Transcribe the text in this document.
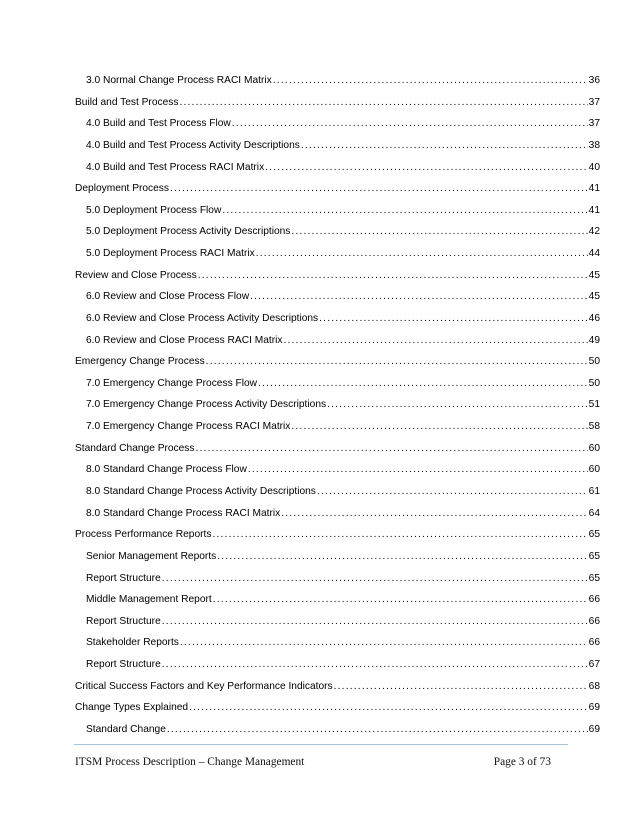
3.0 Normal Change Process RACI Matrix .....	36
Build and Test Process .....	37
4.0 Build and Test Process Flow .....	37
4.0 Build and Test Process Activity Descriptions .....	38
4.0 Build and Test Process RACI Matrix .....	40
Deployment Process .....	41
5.0 Deployment Process Flow .....	41
5.0 Deployment Process Activity Descriptions .....	42
5.0 Deployment Process RACI Matrix .....	44
Review and Close Process .....	45
6.0 Review and Close Process Flow .....	45
6.0 Review and Close Process Activity Descriptions .....	46
6.0 Review and Close Process RACI Matrix .....	49
Emergency Change Process .....	50
7.0 Emergency Change Process Flow .....	50
7.0 Emergency Change Process Activity Descriptions .....	51
7.0 Emergency Change Process RACI Matrix .....	58
Standard Change Process .....	60
8.0 Standard Change Process Flow .....	60
8.0 Standard Change Process Activity Descriptions .....	61
8.0 Standard Change Process RACI Matrix .....	64
Process Performance Reports .....	65
Senior Management Reports .....	65
Report Structure .....	65
Middle Management Report .....	66
Report Structure .....	66
Stakeholder Reports .....	66
Report Structure .....	67
Critical Success Factors and Key Performance Indicators .....	68
Change Types Explained .....	69
Standard Change .....	69
ITSM Process Description – Change Management	Page 3 of 73
